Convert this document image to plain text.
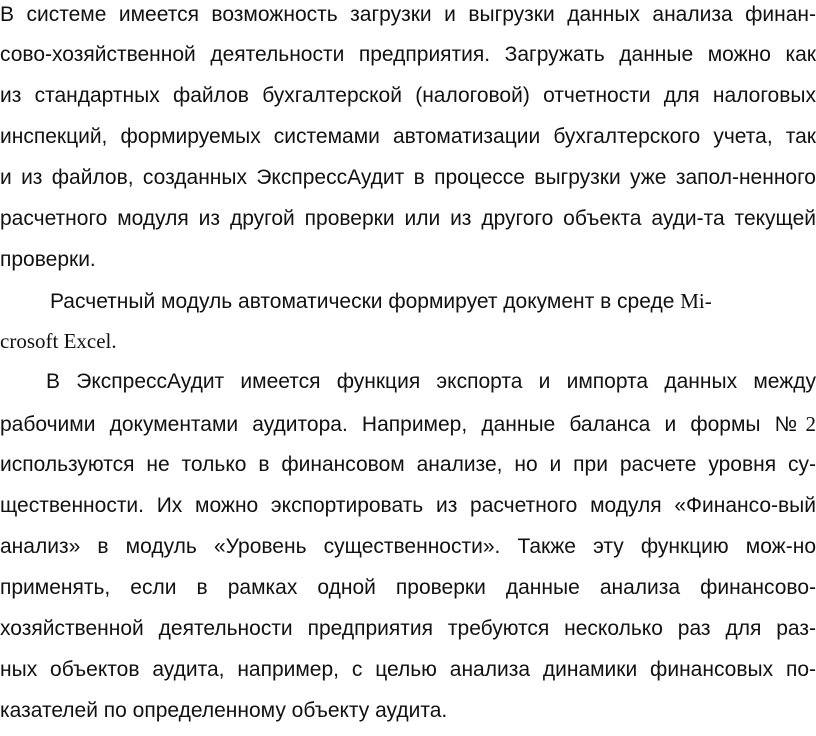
В системе имеется возможность загрузки и выгрузки данных анализа финан-
сово-хозяйственной деятельности предприятия. Загружать данные можно как
из стандартных файлов бухгалтерской (налоговой) отчетности для налоговых
инспекций, формируемых системами автоматизации бухгалтерского учета, так
и из файлов, созданных ЭкспрессАудит в процессе выгрузки уже запол-ненного
расчетного модуля из другой проверки или из другого объекта ауди-та текущей
проверки.
Расчетный модуль автоматически формирует документ в среде Mi-
crosoft Excel.
В ЭкспрессАудит имеется функция экспорта и импорта данных между
рабочими документами аудитора. Например, данные баланса и формы №2
используются не только в финансовом анализе, но и при расчете уровня су-
щественности. Их можно экспортировать из расчетного модуля «Финансо-вый
анализ» в модуль «Уровень существенности». Также эту функцию мож-но
применять, если в рамках одной проверки данные анализа финансово-
хозяйственной деятельности предприятия требуются несколько раз для раз-
ных объектов аудита, например, с целью анализа динамики финансовых по-
казателей по определенному объекту аудита.
